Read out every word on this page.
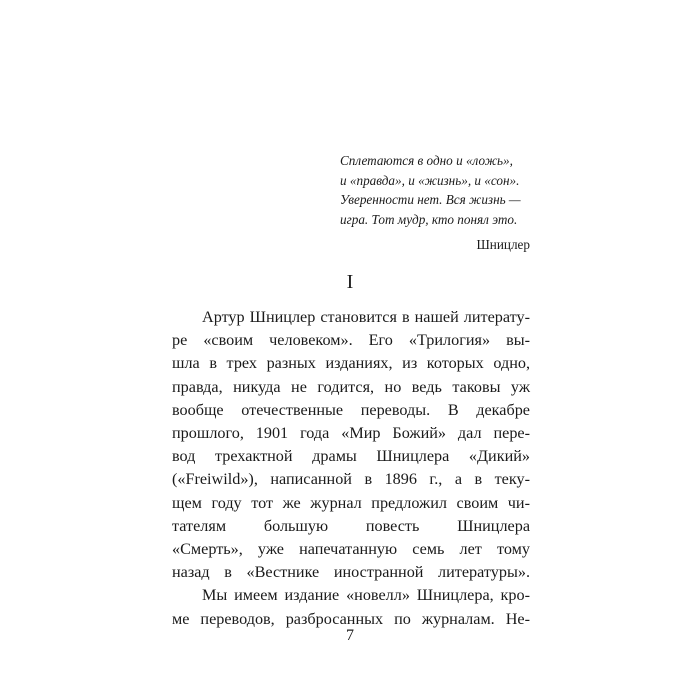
Сплетаются в одно и «ложь»,
и «правда», и «жизнь», и «сон».
Уверенности нет. Вся жизнь —
игра. Тот мудр, кто понял это.
Шницлер
I
Артур Шницлер становится в нашей литерату-
ре «своим человеком». Его «Трилогия» вы-
шла в трех разных изданиях, из которых одно,
правда, никуда не годится, но ведь таковы уж
вообще отечественные переводы. В декабре
прошлого, 1901 года «Мир Божий» дал пере-
вод трехактной драмы Шницлера «Дикий»
(«Freiwild»), написанной в 1896 г., а в теку-
щем году тот же журнал предложил своим чи-
тателям большую повесть Шницлера
«Смерть», уже напечатанную семь лет тому
назад в «Вестнике иностранной литературы».
Мы имеем издание «новелл» Шницлера, кро-
ме переводов, разбросанных по журналам. Не-
7
